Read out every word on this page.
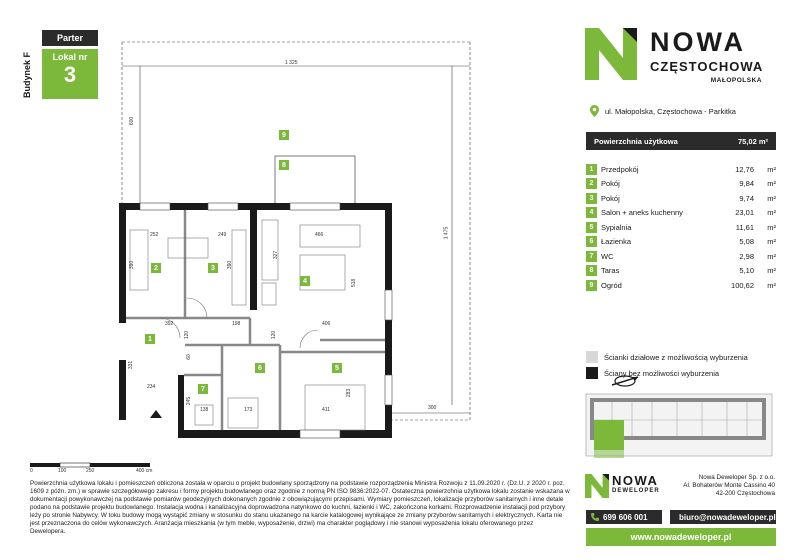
Parter
Lokal nr
3
Budynek F
9
8
2	3
4
1
6	5
7
1 325
600
1 475
300
252	249	466
390	390
327
518
392	198	406
120	120
60
331
234
245
138	173	411
283
0	100	250	400 cm
Powierzchnia użytkowa lokalu i pomieszczeń obliczona została w oparciu o projekt budowlany sporządzony na podstawie rozporządzenia Ministra Rozwoju z 11.09.2020 r. (Dz.U. z 2020 r. poz. 1609 z późn. zm.) w sprawie szczegółowego zakresu i formy projektu budowlanego oraz zgodnie z normą PN ISO 9836:2022-07. Ostateczna powierzchnia użytkowa lokalu zostanie wskazana w dokumentacji powykonawczej na podstawie pomiarów geodezyjnych dokonanych zgodnie z obowiązującymi przepisami. Wymiary pomieszczeń, lokalizacje przyborów sanitarnych i inne detale podano na podstawie projektu budowlanego. Instalacja wodna i kanalizacyjna doprowadzona natynkowo do kuchni, łazienki i WC, zakończona korkami. Rozprowadzenie instalacji pod przybory leży po stronie Nabywcy. W toku budowy mogą wystąpić zmiany w stosunku do stanu ukazanego na karcie katalogowej wynikające ze zmiany przyborów sanitarnych i elektrycznych. Karta nie jest przeznaczona do celów wykonawczych. Aranżacja mieszkania (w tym meble, wyposażenie, drzwi) ma charakter poglądowy i nie stanowi wyposażenia lokalu oferowanego przez Dewelopera.
NOWA
CZĘSTOCHOWA
MAŁOPOLSKA
ul. Małopolska, Częstochowa - Parkitka
Powierzchnia użytkowa	75,02 m²
1	Przedpokój	12,76	m²
2	Pokój	9,84	m²
3	Pokój	9,74	m²
4	Salon + aneks kuchenny	23,01	m²
5	Sypialnia	11,61	m²
6	Łazienka	5,08	m²
7	WC	2,98	m²
8	Taras	5,10	m²
9	Ogród	100,62	m²
Ścianki działowe z możliwością wyburzenia
Ściany bez możliwości wyburzenia
NOWA
DEWELOPER
Nowa Deweloper Sp. z o.o.
Al. Bohaterów Monte Cassino 40
42-200 Częstochowa
699 606 001	biuro@nowadeweloper.pl
www.nowadeweloper.pl
